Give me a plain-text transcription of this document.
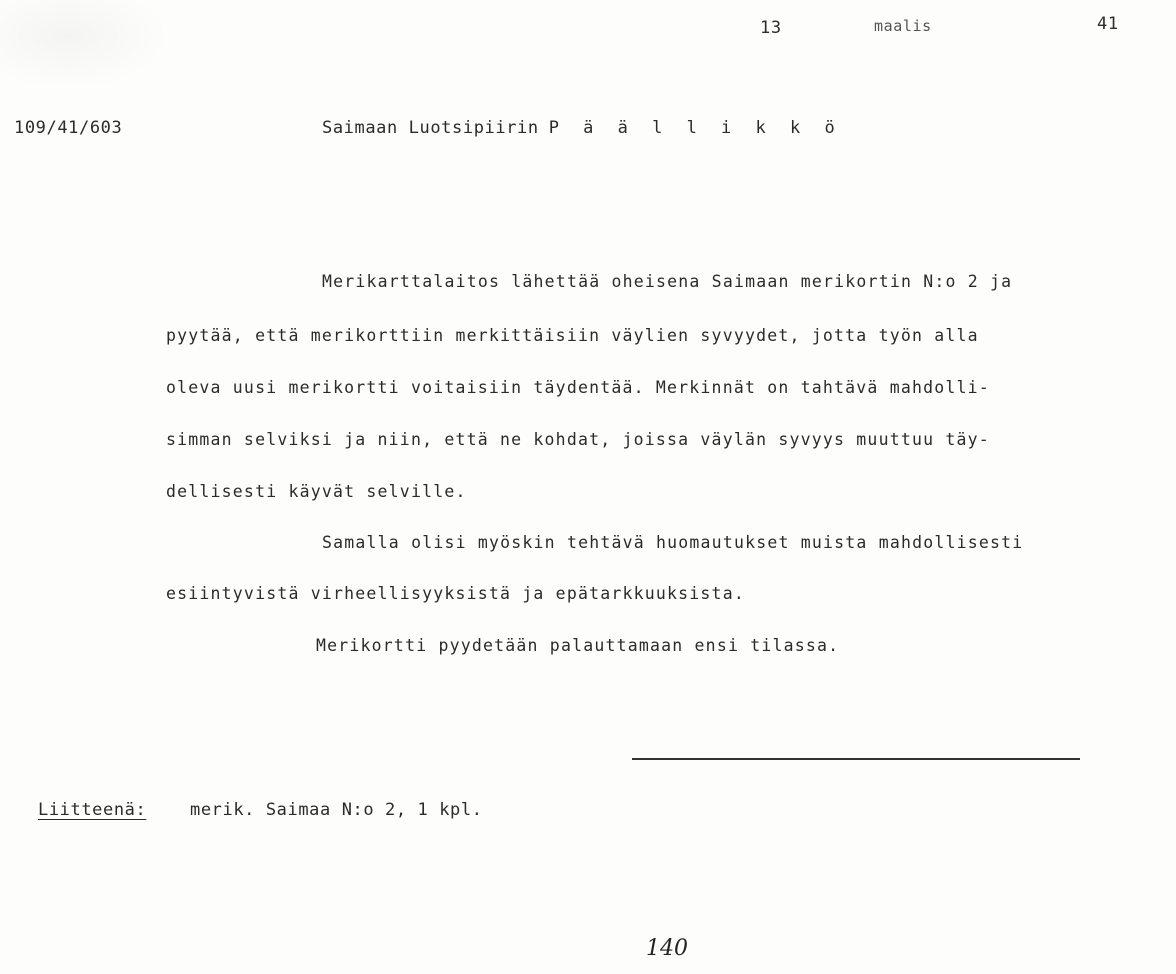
13	maalis	41
109/41/603	Saimaan Luotsipiirin P ä ä l l i k k ö
Merikarttalaitos lähettää oheisena Saimaan merikortin N:o 2 ja
pyytää, että merikorttiin merkittäisiin väylien syvyydet, jotta työn alla
oleva uusi merikortti voitaisiin täydentää. Merkinnät on tahtävä mahdolli-
simman selviksi ja niin, että ne kohdat, joissa väylän syvyys muuttuu täy-
dellisesti käyvät selville.
Samalla olisi myöskin tehtävä huomautukset muista mahdollisesti
esiintyvistä virheellisyyksistä ja epätarkkuuksista.
Merikortti pyydetään palauttamaan ensi tilassa.
Liitteenä:	merik. Saimaa N:o 2, 1 kpl.
140
